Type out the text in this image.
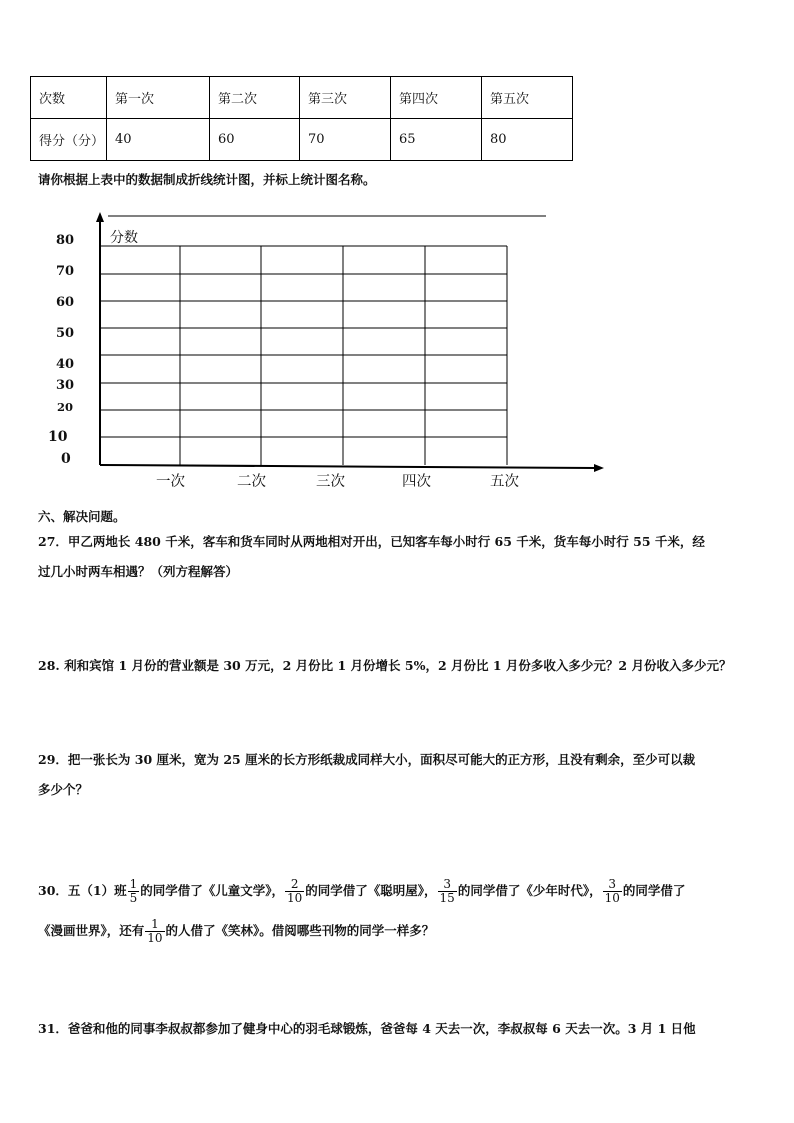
次数	第一次	第二次	第三次	第四次	第五次
得分（分）	40	60	70	65	80
请你根据上表中的数据制成折线统计图，并标上统计图名称。
分数
80
70
60
50
40
30
20
10
0
一次	二次	三次	四次	五次
六、解决问题。
27．甲乙两地长 480 千米，客车和货车同时从两地相对开出，已知客车每小时行 65 千米，货车每小时行 55 千米，经
过几小时两车相遇？（列方程解答）
28. 利和宾馆 1 月份的营业额是 30 万元，2 月份比 1 月份增长 5%，2 月份比 1 月份多收入多少元？2 月份收入多少元？
29．把一张长为 30 厘米，宽为 25 厘米的长方形纸裁成同样大小，面积尽可能大的正方形，且没有剩余，至少可以裁
多少个？
30．五（1）班 $\frac{1}{5}$ 的同学借了《儿童文学》， $\frac{2}{10}$ 的同学借了《聪明屋》， $\frac{3}{15}$ 的同学借了《少年时代》， $\frac{3}{10}$ 的同学借了
《漫画世界》，还有 $\frac{1}{10}$ 的人借了《笑林》。借阅哪些刊物的同学一样多？
31．爸爸和他的同事李叔叔都参加了健身中心的羽毛球锻炼，爸爸每 4 天去一次，李叔叔每 6 天去一次。3 月 1 日他
